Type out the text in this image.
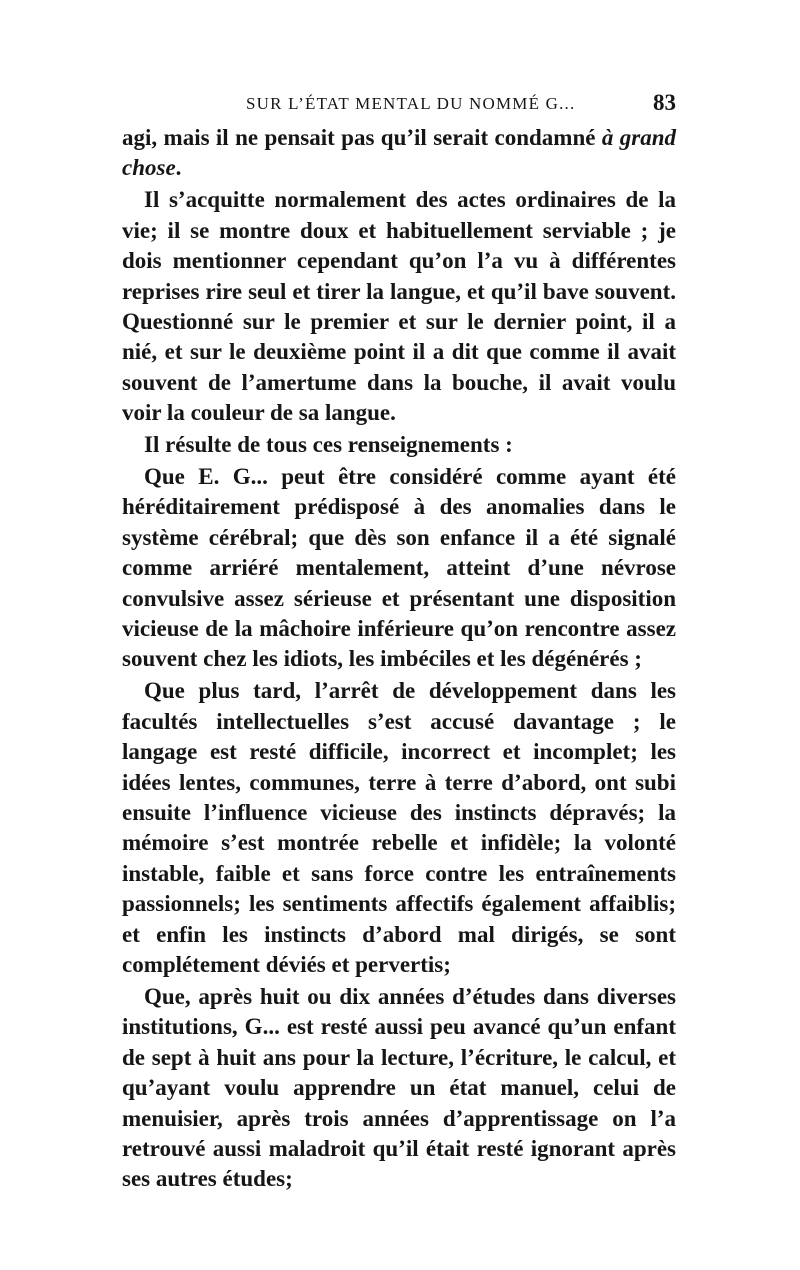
SUR L’ÉTAT MENTAL DU NOMMÉ G...	83

agi, mais il ne pensait pas qu’il serait condamné à grand chose.

Il s’acquitte normalement des actes ordinaires de la vie; il se montre doux et habituellement serviable ; je dois mentionner cependant qu’on l’a vu à différentes reprises rire seul et tirer la langue, et qu’il bave souvent. Questionné sur le premier et sur le dernier point, il a nié, et sur le deuxième point il a dit que comme il avait souvent de l’amertume dans la bouche, il avait voulu voir la couleur de sa langue.

Il résulte de tous ces renseignements :

Que E. G... peut être considéré comme ayant été héréditairement prédisposé à des anomalies dans le système cérébral; que dès son enfance il a été signalé comme arriéré mentalement, atteint d’une névrose convulsive assez sérieuse et présentant une disposition vicieuse de la mâchoire inférieure qu’on rencontre assez souvent chez les idiots, les imbéciles et les dégénérés ;

Que plus tard, l’arrêt de développement dans les facultés intellectuelles s’est accusé davantage ; le langage est resté difficile, incorrect et incomplet; les idées lentes, communes, terre à terre d’abord, ont subi ensuite l’influence vicieuse des instincts dépravés; la mémoire s’est montrée rebelle et infidèle; la volonté instable, faible et sans force contre les entraînements passionnels; les sentiments affectifs également affaiblis; et enfin les instincts d’abord mal dirigés, se sont complétement déviés et pervertis;

Que, après huit ou dix années d’études dans diverses institutions, G... est resté aussi peu avancé qu’un enfant de sept à huit ans pour la lecture, l’écriture, le calcul, et qu’ayant voulu apprendre un état manuel, celui de menuisier, après trois années d’apprentissage on l’a retrouvé aussi maladroit qu’il était resté ignorant après ses autres études;
